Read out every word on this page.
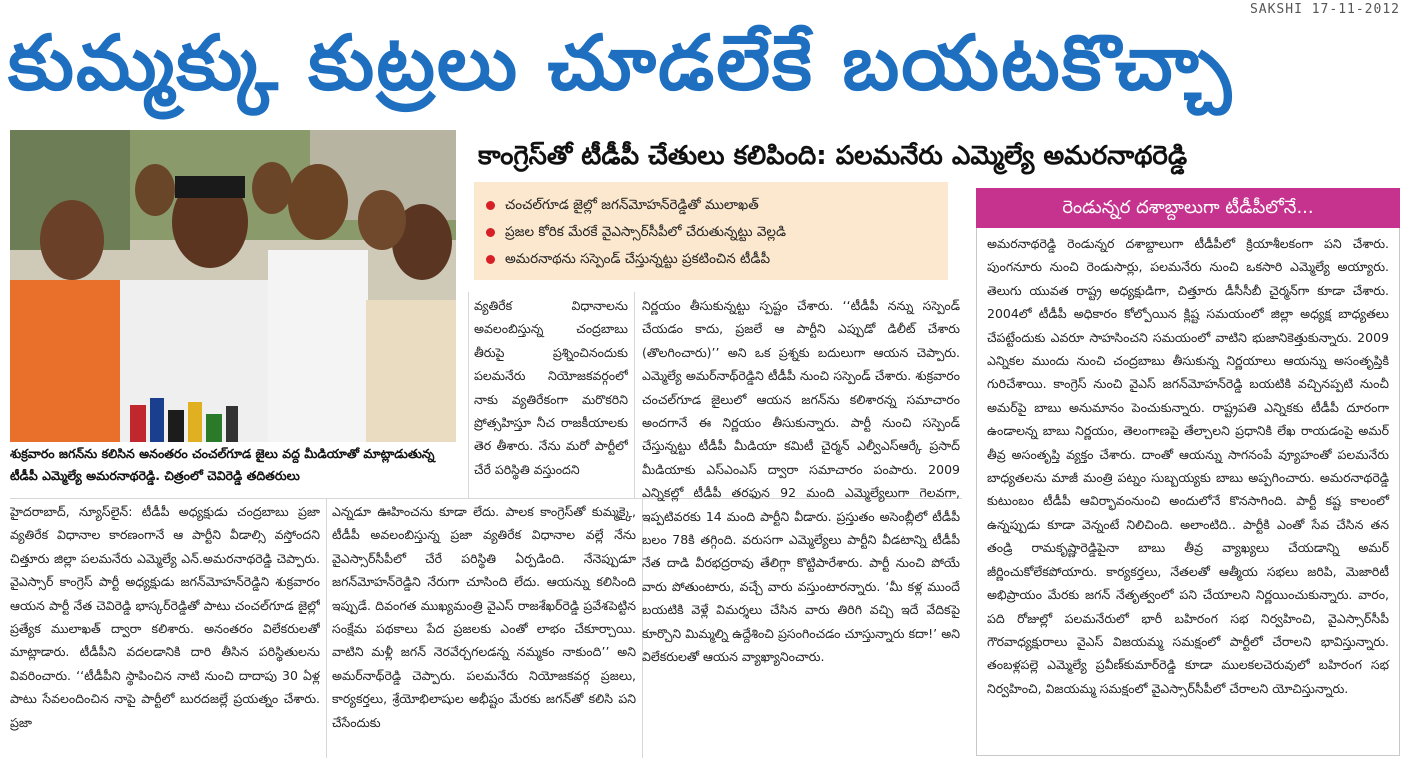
SAKSHI 17-11-2012
కుమ్మక్కు కుట్రలు చూడలేకే బయటకొచ్చా
శుక్రవారం జగన్‌ను కలిసిన అనంతరం చంచల్‌గూడ జైలు వద్ద మీడియాతో మాట్లాడుతున్న టీడీపీ ఎమ్మెల్యే అమరనాథరెడ్డి. చిత్రంలో చెవిరెడ్డి తదితరులు
కాంగ్రెస్‌తో టీడీపీ చేతులు కలిపింది: పలమనేరు ఎమ్మెల్యే అమరనాథరెడ్డి
చంచల్‌గూడ జైల్లో జగన్‌మోహన్‌రెడ్డితో ములాఖత్
ప్రజల కోరిక మేరకే వైఎస్సార్‌సీపీలో చేరుతున్నట్టు వెల్లడి
అమరనాథను సస్పెండ్ చేస్తున్నట్టు ప్రకటించిన టీడీపీ
రెండున్నర దశాబ్దాలుగా టీడీపీలోనే...
అమరనాథరెడ్డి రెండున్నర దశాబ్దాలుగా టీడీపీలో క్రియాశీలకంగా పని చేశారు. పుంగనూరు నుంచి రెండుసార్లు, పలమనేరు నుంచి ఒకసారి ఎమ్మెల్యే అయ్యారు. తెలుగు యువత రాష్ట్ర అధ్యక్షుడిగా, చిత్తూరు డీసీసీబీ చైర్మన్‌గా కూడా చేశారు. 2004లో టీడీపీ అధికారం కోల్పోయిన క్లిష్ట సమయంలో జిల్లా అధ్యక్ష బాధ్యతలు చేపట్టేందుకు ఎవరూ సాహసించని సమయంలో వాటిని భుజానికెత్తుకున్నారు. 2009 ఎన్నికల ముందు నుంచి చంద్రబాబు తీసుకున్న నిర్ణయాలు ఆయన్ను అసంతృప్తికి గురిచేశాయి. కాంగ్రెస్ నుంచి వైఎస్ జగన్‌మోహన్‌రెడ్డి బయటికి వచ్చినప్పటి నుంచీ అమర్‌పై బాబు అనుమానం పెంచుకున్నారు. రాష్ట్రపతి ఎన్నికకు టీడీపీ దూరంగా ఉండాలన్న బాబు నిర్ణయం, తెలంగాణపై తేల్చాలని ప్రధానికి లేఖ రాయడంపై అమర్ తీవ్ర అసంతృప్తి వ్యక్తం చేశారు. దాంతో ఆయన్ను సాగనంపే వ్యూహంతో పలమనేరు బాధ్యతలను మాజీ మంత్రి పట్నం సుబ్బయ్యకు బాబు అప్పగించారు. అమరనాథరెడ్డి కుటుంబం టీడీపీ ఆవిర్భావంనుంచి అందులోనే కొనసాగింది. పార్టీ కష్ట కాలంలో ఉన్నప్పుడు కూడా వెన్నంటే నిలిచింది. అలాంటిది.. పార్టీకి ఎంతో సేవ చేసిన తన తండ్రి రామకృష్ణారెడ్డిపైనా బాబు తీవ్ర వ్యాఖ్యలు చేయడాన్ని అమర్ జీర్ణించుకోలేకపోయారు. కార్యకర్తలు, నేతలతో ఆత్మీయ సభలు జరిపి, మెజారిటీ అభిప్రాయం మేరకు జగన్ నేతృత్వంలో పని చేయాలని నిర్ణయించుకున్నారు. వారం, పది రోజుల్లో పలమనేరులో భారీ బహిరంగ సభ నిర్వహించి, వైఎస్సార్‌సీపీ గౌరవాధ్యక్షురాలు వైఎస్ విజయమ్మ సమక్షంలో పార్టీలో చేరాలని భావిస్తున్నారు. తంబళ్లపల్లె ఎమ్మెల్యే ప్రవీణ్‌కుమార్‌రెడ్డి కూడా ములకలచెరువులో బహిరంగ సభ నిర్వహించి, విజయమ్మ సమక్షంలో వైఎస్సార్‌సీపీలో చేరాలని యోచిస్తున్నారు.

హైదరాబాద్, న్యూస్‌లైన్: టీడీపీ అధ్యక్షుడు చంద్రబాబు ప్రజా వ్యతిరేక విధానాల కారణంగానే ఆ పార్టీని వీడాల్సి వస్తోందని చిత్తూరు జిల్లా పలమనేరు ఎమ్మెల్యే ఎన్.అమరనాథరెడ్డి చెప్పారు. వైఎస్సార్ కాంగ్రెస్ పార్టీ అధ్యక్షుడు జగన్‌మోహన్‌రెడ్డిని శుక్రవారం ఆయన పార్టీ నేత చెవిరెడ్డి భాస్కర్‌రెడ్డితో పాటు చంచల్‌గూడ జైల్లో ప్రత్యేక ములాఖత్ ద్వారా కలిశారు. అనంతరం విలేకరులతో మాట్లాడారు. టీడీపీని వదలడానికి దారి తీసిన పరిస్థితులను వివరించారు. ‘‘టీడీపీని స్థాపించిన నాటి నుంచి దాదాపు 30 ఏళ్ల పాటు సేవలందించిన నాపై పార్టీలో బురదజల్లే ప్రయత్నం చేశారు. ప్రజా

వ్యతిరేక విధానాలను అవలంబిస్తున్న చంద్రబాబు తీరుపై ప్రశ్నించినందుకు పలమనేరు నియోజకవర్గంలో నాకు వ్యతిరేకంగా మరొకరిని ప్రోత్సహిస్తూ నీచ రాజకీయాలకు తెర తీశారు. నేను మరో పార్టీలో చేరే పరిస్థితి వస్తుందని

ఎన్నడూ ఊహించను కూడా లేదు. పాలక కాంగ్రెస్‌తో కుమ్మక్కై, టీడీపీ అవలంబిస్తున్న ప్రజా వ్యతిరేక విధానాల వల్లే నేను వైఎస్సార్‌సీపీలో చేరే పరిస్థితి ఏర్పడింది. నేనెప్పుడూ జగన్‌మోహన్‌రెడ్డిని నేరుగా చూసింది లేదు. ఆయన్ను కలిసింది ఇప్పుడే. దివంగత ముఖ్యమంత్రి వైఎస్ రాజశేఖర్‌రెడ్డి ప్రవేశపెట్టిన సంక్షేమ పథకాలు పేద ప్రజలకు ఎంతో లాభం చేకూర్చాయి. వాటిని మళ్లీ జగన్ నెరవేర్చగలడన్న నమ్మకం నాకుంది’’ అని అమర్‌నాథ్‌రెడ్డి చెప్పారు. పలమనేరు నియోజకవర్గ ప్రజలు, కార్యకర్తలు, శ్రేయోభిలాషుల అభీష్టం మేరకు జగన్‌తో కలిసి పని చేసేందుకు

నిర్ణయం తీసుకున్నట్టు స్పష్టం చేశారు. ‘‘టీడీపీ నన్ను సస్పెండ్ చేయడం కాదు, ప్రజలే ఆ పార్టీని ఎప్పుడో డిలీట్ చేశారు (తొలగించారు)’’ అని ఒక ప్రశ్నకు బదులుగా ఆయన చెప్పారు. ఎమ్మెల్యే అమర్‌నాథ్‌రెడ్డిని టీడీపీ నుంచి సస్పెండ్ చేశారు. శుక్రవారం చంచల్‌గూడ జైలులో ఆయన జగన్‌ను కలిశారన్న సమాచారం అందగానే ఈ నిర్ణయం తీసుకున్నారు. పార్టీ నుంచి సస్పెండ్ చేస్తున్నట్టు టీడీపీ మీడియా కమిటీ చైర్మన్ ఎల్వీఎస్ఆర్కే ప్రసాద్ మీడియాకు ఎస్ఎంఎస్ ద్వారా సమాచారం పంపారు. 2009 ఎన్నికల్లో టీడీపీ తరఫున 92 మంది ఎమ్మెల్యేలుగా గెలవగా, ఇప్పటివరకు 14 మంది పార్టీని వీడారు. ప్రస్తుతం అసెంబ్లీలో టీడీపీ బలం 78కి తగ్గింది. వరుసగా ఎమ్మెల్యేలు పార్టీని వీడటాన్ని టీడీపీ నేత దాడి వీరభద్రరావు తేలిగ్గా కొట్టిపారేశారు. పార్టీ నుంచి పోయే వారు పోతుంటారు, వచ్చే వారు వస్తుంటారన్నారు. ‘మీ కళ్ల ముందే బయటికి వెళ్లే విమర్శలు చేసిన వారు తిరిగి వచ్చి ఇదే వేదికపై కూర్చొని మిమ్మల్ని ఉద్దేశించి ప్రసంగించడం చూస్తున్నారు కదా!’ అని విలేకరులతో ఆయన వ్యాఖ్యానించారు.
